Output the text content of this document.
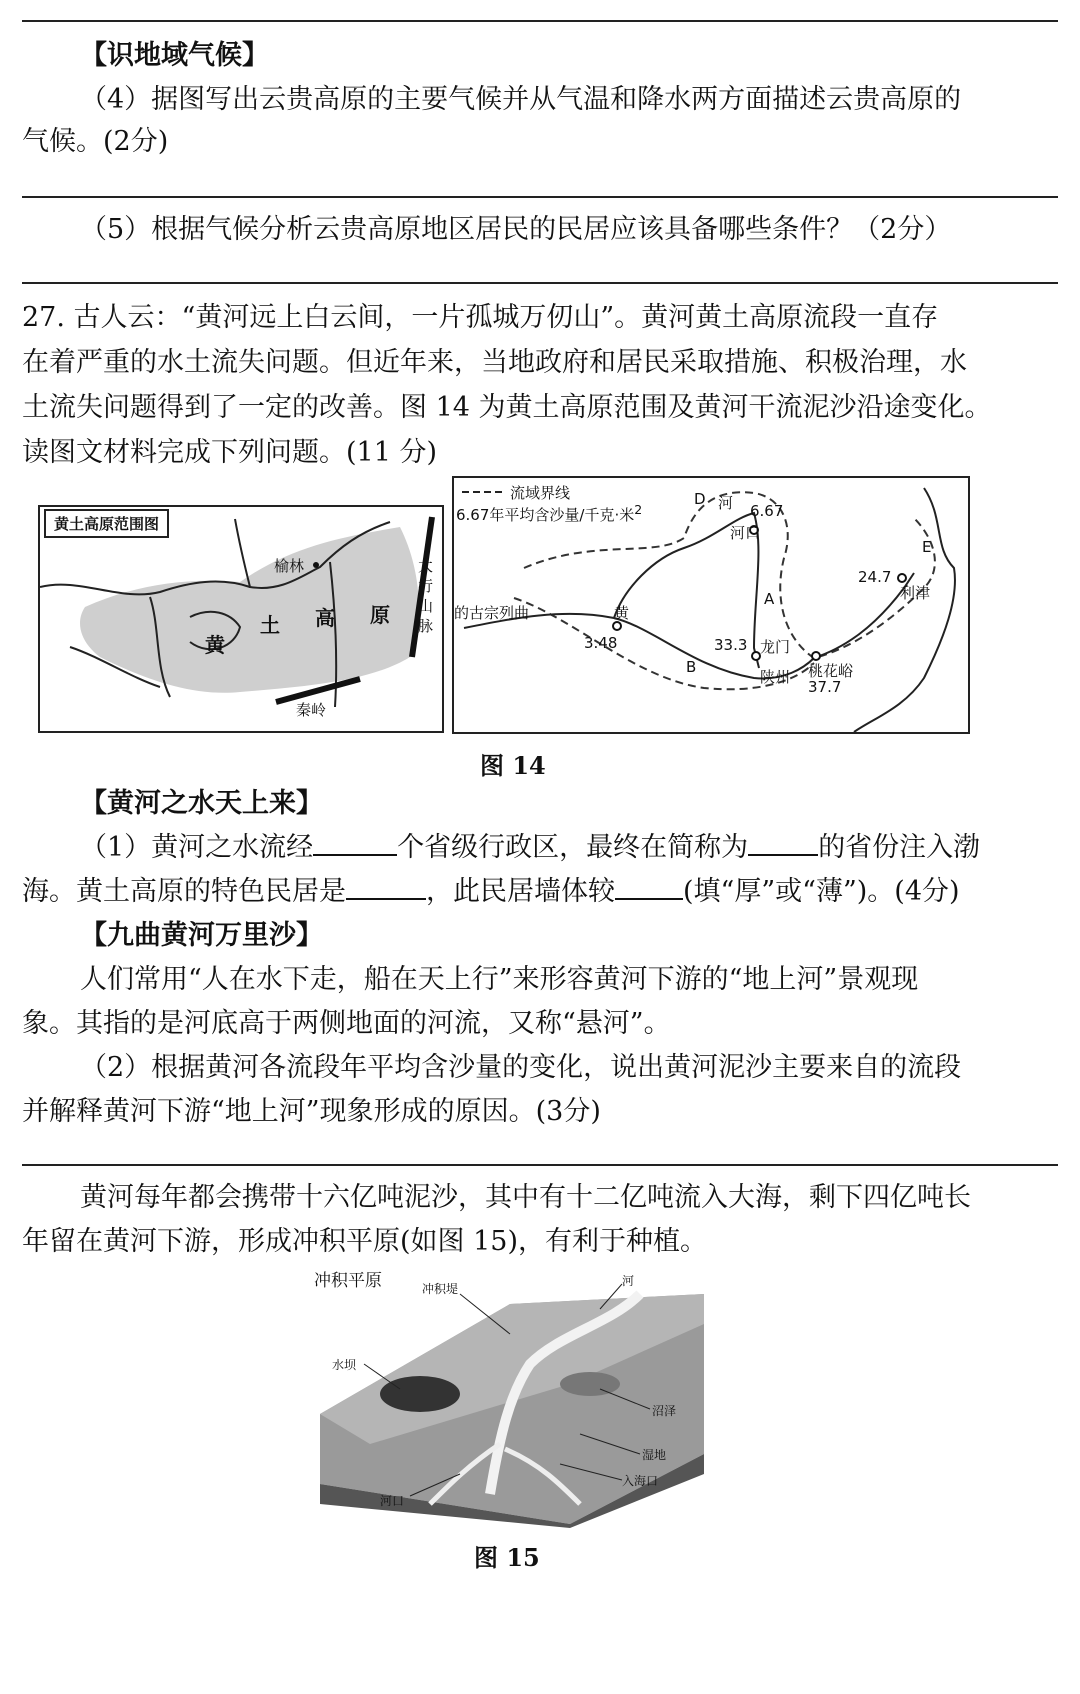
【识地域气候】
（4）据图写出云贵高原的主要气候并从气温和降水两方面描述云贵高原的
气候。(2分)
（5）根据气候分析云贵高原地区居民的民居应该具备哪些条件？（2分）
27. 古人云：“黄河远上白云间，一片孤城万仞山”。黄河黄土高原流段一直存
在着严重的水土流失问题。但近年来，当地政府和居民采取措施、积极治理，水
土流失问题得到了一定的改善。图 14 为黄土高原范围及黄河干流泥沙沿途变化。
读图文材料完成下列问题。(11 分)
黄土高原范围图
榆林
黄
土 高 原
太
行
山
脉
秦岭
流域界线
6.67年平均含沙量/千克·米$^2$
D 河 6.67
河口
A
E
24.7
利津
的古宗列曲	黄
3.48	33.3 龙门
B
陕州 桃花峪
37.7
图 14
【黄河之水天上来】
（1）黄河之水流经	个省级行政区，最终在简称为	的省份注入渤
海。黄土高原的特色民居是	，此民居墙体较	(填“厚”或“薄”)。(4分)
【九曲黄河万里沙】
人们常用“人在水下走，船在天上行”来形容黄河下游的“地上河”景观现
象。其指的是河底高于两侧地面的河流，又称“悬河”。
（2）根据黄河各流段年平均含沙量的变化，说出黄河泥沙主要来自的流段
并解释黄河下游“地上河”现象形成的原因。(3分)
黄河每年都会携带十六亿吨泥沙，其中有十二亿吨流入大海，剩下四亿吨长
年留在黄河下游，形成冲积平原(如图 15)，有利于种植。
冲积平原	冲积堤
河
水坝
沼泽
湿地
入海口
河口
图 15
